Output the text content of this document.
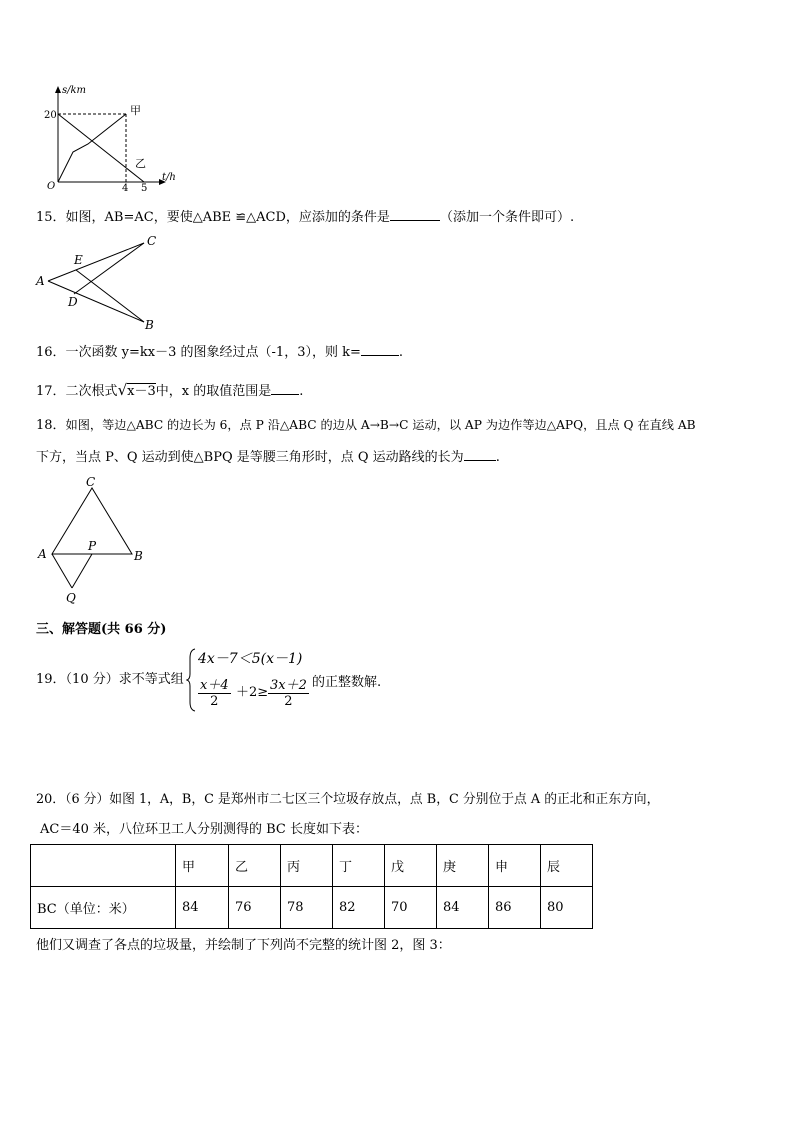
s/km
t/h
O
20
4 5
甲
乙
15．如图，AB=AC，要使△ABE ≌△ACD，应添加的条件是	（添加一个条件即可）.
A
E
D
C
B
16．一次函数 y=kx－3 的图象经过点（-1，3），则 k=	.
17．二次根式√x－3中，x 的取值范围是 .
18．如图，等边△ABC 的边长为 6，点 P 沿△ABC 的边从 A→B→C 运动，以 AP 为边作等边△APQ，且点 Q 在直线 AB
下方，当点 P、Q 运动到使△BPQ 是等腰三角形时，点 Q 运动路线的长为 .
C
A
P
B
Q
三、解答题(共 66 分)
19．（10 分）求不等式组
4x－7＜5(x－1)
$\frac{x+4}{2} +2\ge \frac{3x+2}{2}$ 的正整数解.
20．（6 分）如图 1，A，B，C 是郑州市二七区三个垃圾存放点，点 B，C 分别位于点 A 的正北和正东方向，
AC＝40 米，八位环卫工人分别测得的 BC 长度如下表：
	甲	乙	丙	丁	戊	庚	申	辰
BC（单位：米）	84	76	78	82	70	84	86	80
他们又调查了各点的垃圾量，并绘制了下列尚不完整的统计图 2，图 3：
